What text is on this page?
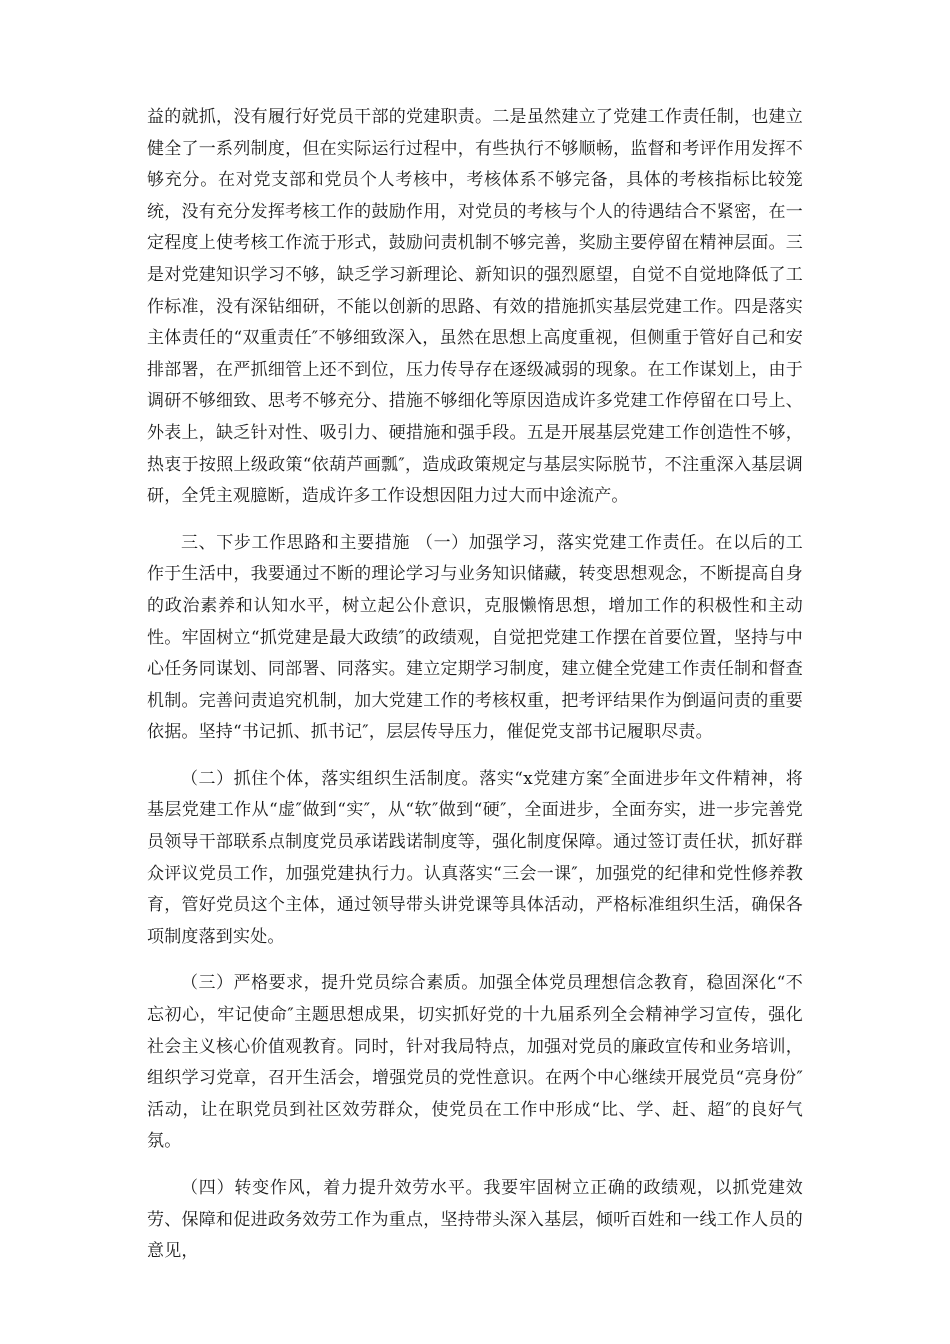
益的就抓，没有履行好党员干部的党建职责。二是虽然建立了党建工作责任制，也建立健全了一系列制度，但在实际运行过程中，有些执行不够顺畅，监督和考评作用发挥不够充分。在对党支部和党员个人考核中，考核体系不够完备，具体的考核指标比较笼统，没有充分发挥考核工作的鼓励作用，对党员的考核与个人的待遇结合不紧密，在一定程度上使考核工作流于形式，鼓励问责机制不够完善，奖励主要停留在精神层面。三是对党建知识学习不够，缺乏学习新理论、新知识的强烈愿望，自觉不自觉地降低了工作标准，没有深钻细研，不能以创新的思路、有效的措施抓实基层党建工作。四是落实主体责任的“双重责任″不够细致深入，虽然在思想上高度重视，但侧重于管好自己和安排部署，在严抓细管上还不到位，压力传导存在逐级减弱的现象。在工作谋划上，由于调研不够细致、思考不够充分、措施不够细化等原因造成许多党建工作停留在口号上、外表上，缺乏针对性、吸引力、硬措施和强手段。五是开展基层党建工作创造性不够，热衷于按照上级政策“依葫芦画瓢″，造成政策规定与基层实际脱节，不注重深入基层调研，全凭主观臆断，造成许多工作设想因阻力过大而中途流产。

三、下步工作思路和主要措施 （一）加强学习，落实党建工作责任。在以后的工作于生活中，我要通过不断的理论学习与业务知识储藏，转变思想观念，不断提高自身的政治素养和认知水平，树立起公仆意识，克服懒惰思想，增加工作的积极性和主动性。牢固树立“抓党建是最大政绩″的政绩观，自觉把党建工作摆在首要位置，坚持与中心任务同谋划、同部署、同落实。建立定期学习制度，建立健全党建工作责任制和督查机制。完善问责追究机制，加大党建工作的考核权重，把考评结果作为倒逼问责的重要依据。坚持“书记抓、抓书记″，层层传导压力，催促党支部书记履职尽责。

（二）抓住个体，落实组织生活制度。落实“x党建方案″全面进步年文件精神，将基层党建工作从“虚″做到“实″，从“软″做到“硬″，全面进步，全面夯实，进一步完善党员领导干部联系点制度党员承诺践诺制度等，强化制度保障。通过签订责任状，抓好群众评议党员工作，加强党建执行力。认真落实“三会一课″，加强党的纪律和党性修养教育，管好党员这个主体，通过领导带头讲党课等具体活动，严格标准组织生活，确保各项制度落到实处。

（三）严格要求，提升党员综合素质。加强全体党员理想信念教育，稳固深化“不忘初心，牢记使命″主题思想成果，切实抓好党的十九届系列全会精神学习宣传，强化社会主义核心价值观教育。同时，针对我局特点，加强对党员的廉政宣传和业务培训，组织学习党章，召开生活会，增强党员的党性意识。在两个中心继续开展党员“亮身份″活动，让在职党员到社区效劳群众，使党员在工作中形成“比、学、赶、超″的良好气氛。

（四）转变作风，着力提升效劳水平。我要牢固树立正确的政绩观，以抓党建效劳、保障和促进政务效劳工作为重点，坚持带头深入基层，倾听百姓和一线工作人员的意见，
